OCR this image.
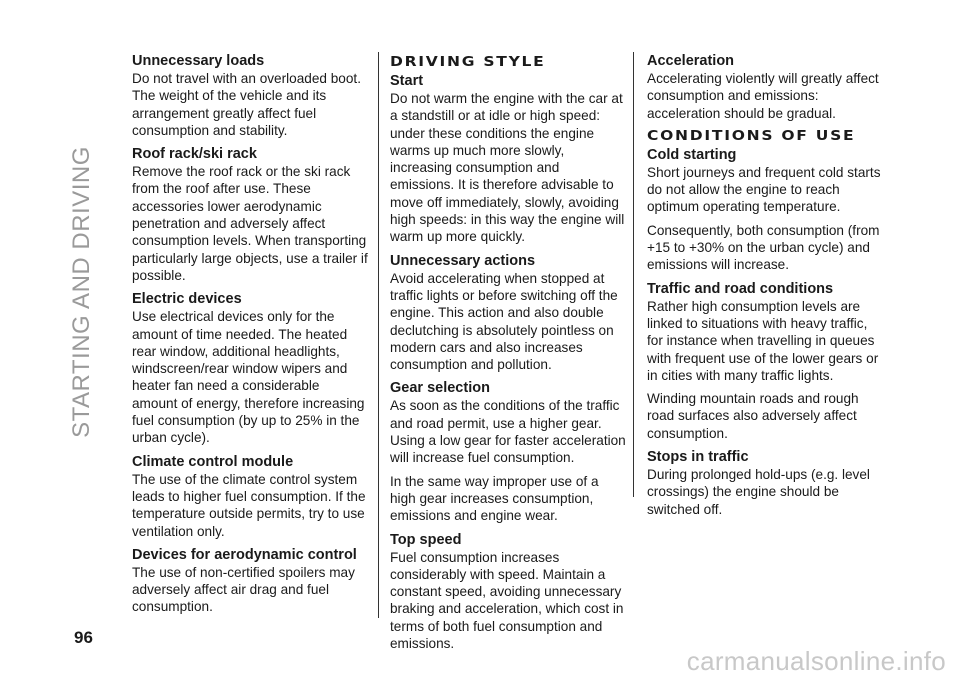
STARTING AND DRIVING
Unnecessary loads

Do not travel with an overloaded boot. The weight of the vehicle and its arrangement greatly affect fuel consumption and stability.

Roof rack/ski rack

Remove the roof rack or the ski rack from the roof after use. These accessories lower aerodynamic penetration and adversely affect consumption levels. When transporting particularly large objects, use a trailer if possible.

Electric devices

Use electrical devices only for the amount of time needed. The heated rear window, additional headlights, windscreen/rear window wipers and heater fan need a considerable amount of energy, therefore increasing fuel consumption (by up to 25% in the urban cycle).

Climate control module

The use of the climate control system leads to higher fuel consumption. If the temperature outside permits, try to use ventilation only.

Devices for aerodynamic control

The use of non-certified spoilers may adversely affect air drag and fuel consumption.

DRIVING STYLE
Start

Do not warm the engine with the car at a standstill or at idle or high speed: under these conditions the engine warms up much more slowly, increasing consumption and emissions. It is therefore advisable to move off immediately, slowly, avoiding high speeds: in this way the engine will warm up more quickly.

Unnecessary actions

Avoid accelerating when stopped at traffic lights or before switching off the engine. This action and also double declutching is absolutely pointless on modern cars and also increases consumption and pollution.

Gear selection

As soon as the conditions of the traffic and road permit, use a higher gear. Using a low gear for faster acceleration will increase fuel consumption.

In the same way improper use of a high gear increases consumption, emissions and engine wear.

Top speed

Fuel consumption increases considerably with speed. Maintain a constant speed, avoiding unnecessary braking and acceleration, which cost in terms of both fuel consumption and emissions.

Acceleration

Accelerating violently will greatly affect consumption and emissions: acceleration should be gradual.

CONDITIONS OF USE
Cold starting

Short journeys and frequent cold starts do not allow the engine to reach optimum operating temperature.

Consequently, both consumption (from +15 to +30% on the urban cycle) and emissions will increase.

Traffic and road conditions

Rather high consumption levels are linked to situations with heavy traffic, for instance when travelling in queues with frequent use of the lower gears or in cities with many traffic lights.

Winding mountain roads and rough road surfaces also adversely affect consumption.

Stops in traffic

During prolonged hold-ups (e.g. level crossings) the engine should be switched off.

96
carmanualsonline.info
